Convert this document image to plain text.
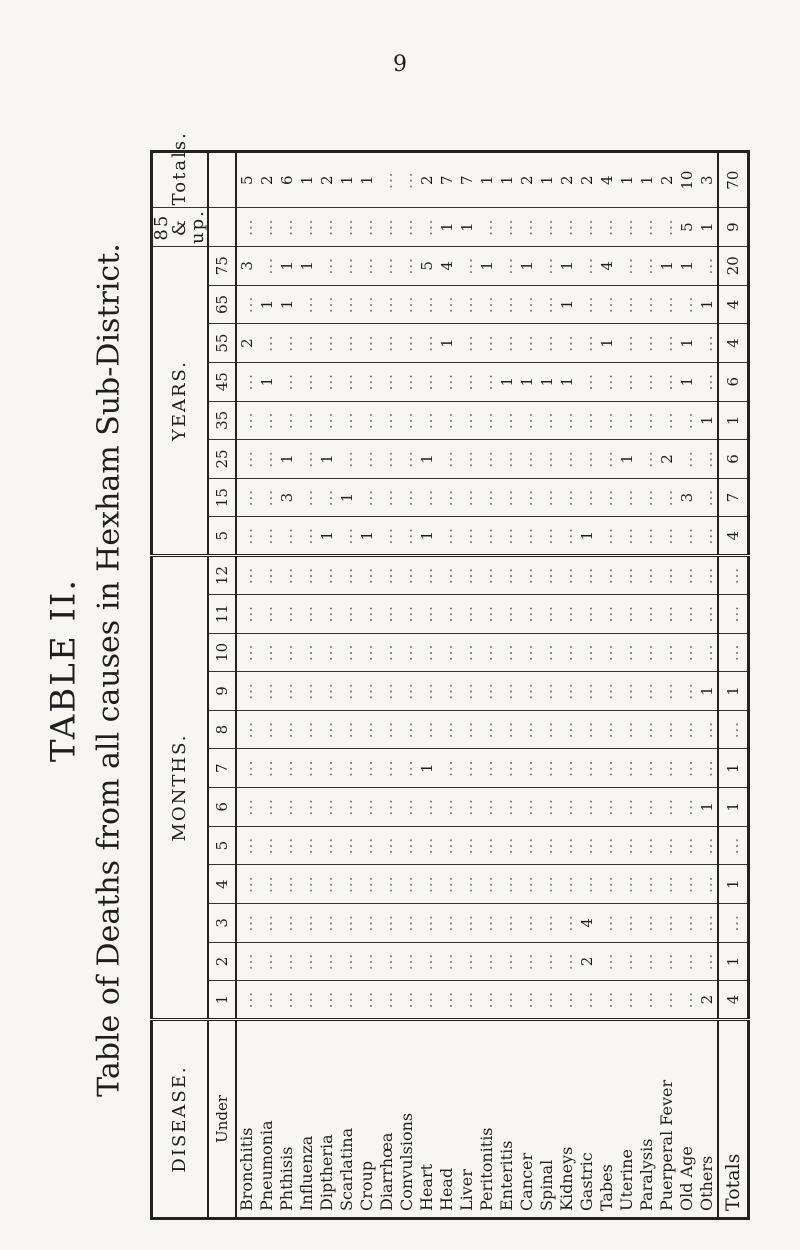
9
TABLE II. Table of Deaths from all causes in Hexham Sub-District.
DISEASE.	MONTHS.												YEARS.								85 & up.	Totals.
Under	1	2	3	4	5	6	7	8	9	10	11	12	5	15	25	35	45	55	65	75		
Bronchitis	...	...	...	...	...	...	...	...	...	...	...	...	...	...	...	...	...	2	...	3	...	5
Pneumonia	...	...	...	...	...	...	...	...	...	...	...	...	...	...	...	...	1	...	1	...	...	2
Phthisis	...	...	...	...	...	...	...	...	...	...	...	...	...	3	1	...	...	...	1	1	...	6
Influenza	...	...	...	...	...	...	...	...	...	...	...	...	...	...	...	...	...	...	...	1	...	1
Diptheria	...	...	...	...	...	...	...	...	...	...	...	...	1	...	1	...	...	...	...	...	...	2
Scarlatina	...	...	...	...	...	...	...	...	...	...	...	...	...	1	...	...	...	...	...	...	...	1
Croup	...	...	...	...	...	...	...	...	...	...	...	...	1	...	...	...	...	...	...	...	...	1
Diarrhœa	...	...	...	...	...	...	...	...	...	...	...	...	...	...	...	...	...	...	...	...	...	...
Convulsions	...	...	...	...	...	...	...	...	...	...	...	...	...	...	...	...	...	...	...	...	...	...
Heart	...	...	...	...	...	...	1	...	...	...	...	...	1	...	1	...	...	...	...	5	...	2
Head	...	...	...	...	...	...	...	...	...	...	...	...	...	...	...	...	...	1	...	4	1	7
Liver	...	...	...	...	...	...	...	...	...	...	...	...	...	...	...	...	...	...	...	...	1	7
Peritonitis	...	...	...	...	...	...	...	...	...	...	...	...	...	...	...	...	...	...	...	1	...	1
Enteritis	...	...	...	...	...	...	...	...	...	...	...	...	...	...	...	...	1	...	...	...	...	1
Cancer	...	...	...	...	...	...	...	...	...	...	...	...	...	...	...	...	1	...	...	1	...	2
Spinal	...	...	...	...	...	...	...	...	...	...	...	...	...	...	...	...	1	...	...	...	...	1
Kidneys	...	...	...	...	...	...	...	...	...	...	...	...	...	...	...	...	1	...	1	1	...	2
Gastric	...	2	4	...	...	...	...	...	...	...	...	...	1	...	...	...	...	...	...	...	...	2
Tabes	...	...	...	...	...	...	...	...	...	...	...	...	...	...	...	...	...	1	...	4	...	4
Uterine	...	...	...	...	...	...	...	...	...	...	...	...	...	...	1	...	...	...	...	...	...	1
Paralysis	...	...	...	...	...	...	...	...	...	...	...	...	...	...	...	...	...	...	...	...	...	1
Puerperal Fever	...	...	...	...	...	...	...	...	...	...	...	...	...	...	2	...	...	...	...	1	...	2
Old Age	...	...	...	...	...	...	...	...	...	...	...	...	...	3	...	...	1	1	...	1	5	10
Others	2	...	...	...	...	1	...	...	1	...	...	...	...	...	...	1	...	...	1	...	1	3
Totals	4	1	...	1	...	1	1	...	1	...	...	...	4	7	6	1	6	4	4	20	9	70
